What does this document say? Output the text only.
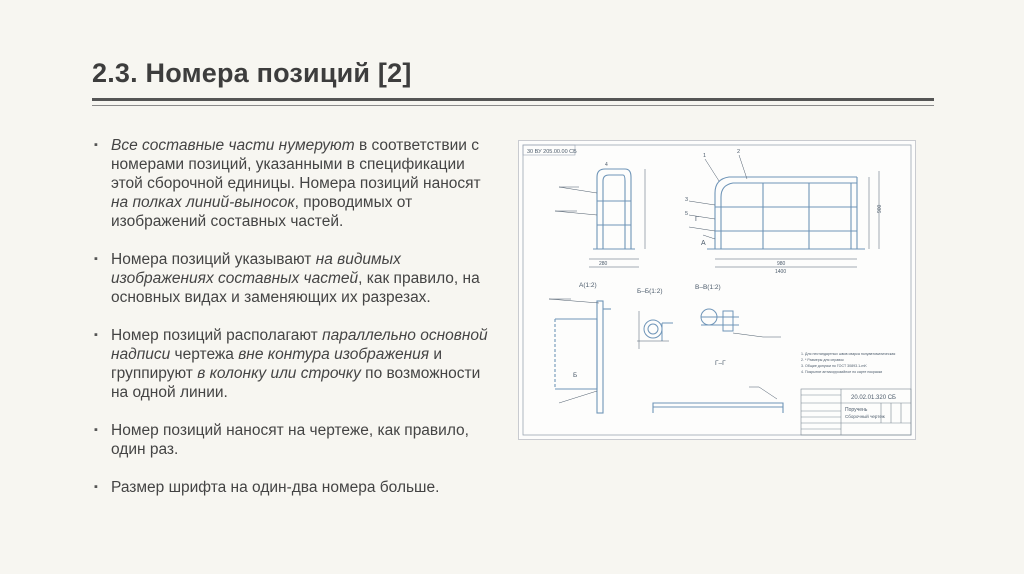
2.3. Номера позиций [2]
▪ Все составные части нумеруют в соответствии с номерами позиций, указанными в спецификации этой сборочной единицы. Номера позиций наносят на полках линий-выносок, проводимых от изображений составных частей.
▪ Номера позиций указывают на видимых изображениях составных частей, как правило, на основных видах и заменяющих их разрезах.
▪ Номер позиций располагают параллельно основной надписи чертежа вне контура изображения и группируют в колонку или строчку по возможности на одной линии.
▪ Номер позиций наносят на чертеже, как правило, один раз.
▪ Размер шрифта на один-два номера больше.
30 ВУ 205.00.00 СБ
280
4
980
1400
900
1
2
3
5
Г
А
А(1:2)
Б
Б–Б(1:2)
В–В(1:2)
Г–Г
1. Для нестандартных швов сварка полуавтоматическая
2. * Размеры для справок
3. Общие допуски по ГОСТ 30893.1-mK
4. Покрытие антикоррозийное по карте покраски
20.02.01.320 СБ
Поручень
Сборочный чертеж
